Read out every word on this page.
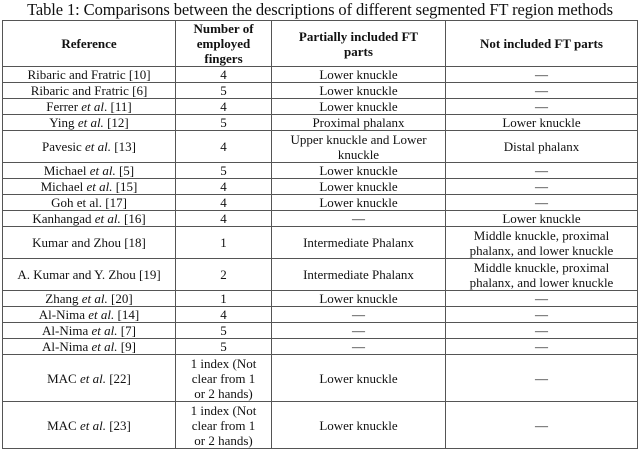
Table 1: Comparisons between the descriptions of different segmented FT region methods
Reference	Number of employed fingers	Partially included FT parts	Not included FT parts
Ribaric and Fratric [10]	4	Lower knuckle	—
Ribaric and Fratric [6]	5	Lower knuckle	—
Ferrer et al. [11]	4	Lower knuckle	—
Ying et al. [12]	5	Proximal phalanx	Lower knuckle
Pavesic et al. [13]	4	Upper knuckle and Lower knuckle	Distal phalanx
Michael et al. [5]	5	Lower knuckle	—
Michael et al. [15]	4	Lower knuckle	—
Goh et al. [17]	4	Lower knuckle	—
Kanhangad et al. [16]	4	—	Lower knuckle
Kumar and Zhou [18]	1	Intermediate Phalanx	Middle knuckle, proximal phalanx, and lower knuckle
A. Kumar and Y. Zhou [19]	2	Intermediate Phalanx	Middle knuckle, proximal phalanx, and lower knuckle
Zhang et al. [20]	1	Lower knuckle	—
Al-Nima et al. [14]	4	—	—
Al-Nima et al. [7]	5	—	—
Al-Nima et al. [9]	5	—	—
MAC et al. [22]	1 index (Not clear from 1 or 2 hands)	Lower knuckle	—
MAC et al. [23]	1 index (Not clear from 1 or 2 hands)	Lower knuckle	—
